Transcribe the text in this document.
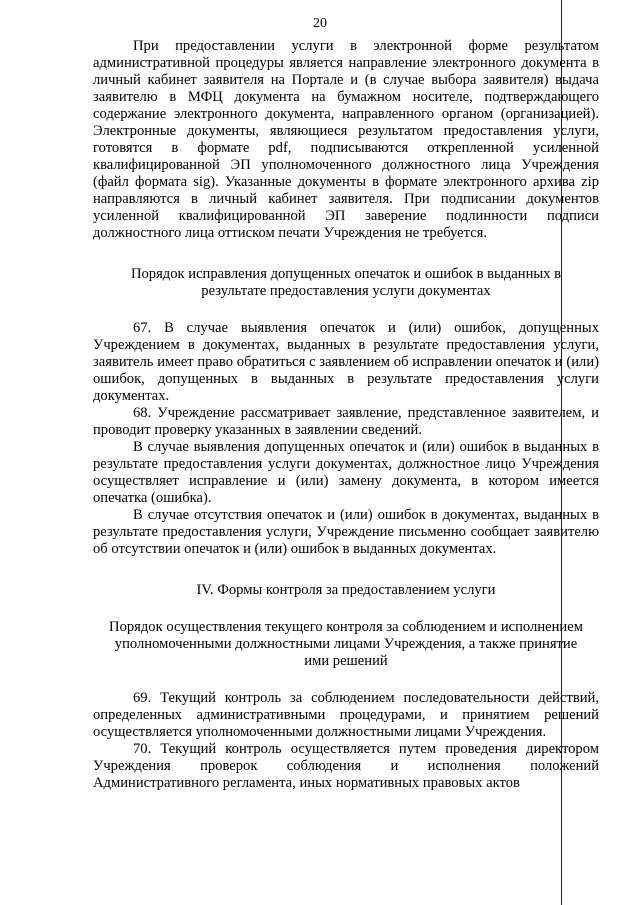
20

При предоставлении услуги в электронной форме результатом административной процедуры является направление электронного документа в личный кабинет заявителя на Портале и (в случае выбора заявителя) выдача заявителю в МФЦ документа на бумажном носителе, подтверждающего содержание электронного документа, направленного органом (организацией). Электронные документы, являющиеся результатом предоставления услуги, готовятся в формате pdf, подписываются открепленной усиленной квалифицированной ЭП уполномоченного должностного лица Учреждения (файл формата sig). Указанные документы в формате электронного архива zip направляются в личный кабинет заявителя. При подписании документов усиленной квалифицированной ЭП заверение подлинности подписи должностного лица оттиском печати Учреждения не требуется.

Порядок исправления допущенных опечаток и ошибок в выданных в результате предоставления услуги документах

67. В случае выявления опечаток и (или) ошибок, допущенных Учреждением в документах, выданных в результате предоставления услуги, заявитель имеет право обратиться с заявлением об исправлении опечаток и (или) ошибок, допущенных в выданных в результате предоставления услуги документах.

68. Учреждение рассматривает заявление, представленное заявителем, и проводит проверку указанных в заявлении сведений.

В случае выявления допущенных опечаток и (или) ошибок в выданных в результате предоставления услуги документах, должностное лицо Учреждения осуществляет исправление и (или) замену документа, в котором имеется опечатка (ошибка).

В случае отсутствия опечаток и (или) ошибок в документах, выданных в результате предоставления услуги, Учреждение письменно сообщает заявителю об отсутствии опечаток и (или) ошибок в выданных документах.

IV. Формы контроля за предоставлением услуги

Порядок осуществления текущего контроля за соблюдением и исполнением уполномоченными должностными лицами Учреждения, а также принятие ими решений

69. Текущий контроль за соблюдением последовательности действий, определенных административными процедурами, и принятием решений осуществляется уполномоченными должностными лицами Учреждения.

70. Текущий контроль осуществляется путем проведения директором Учреждения проверок соблюдения и исполнения положений Административного регламента, иных нормативных правовых актов
